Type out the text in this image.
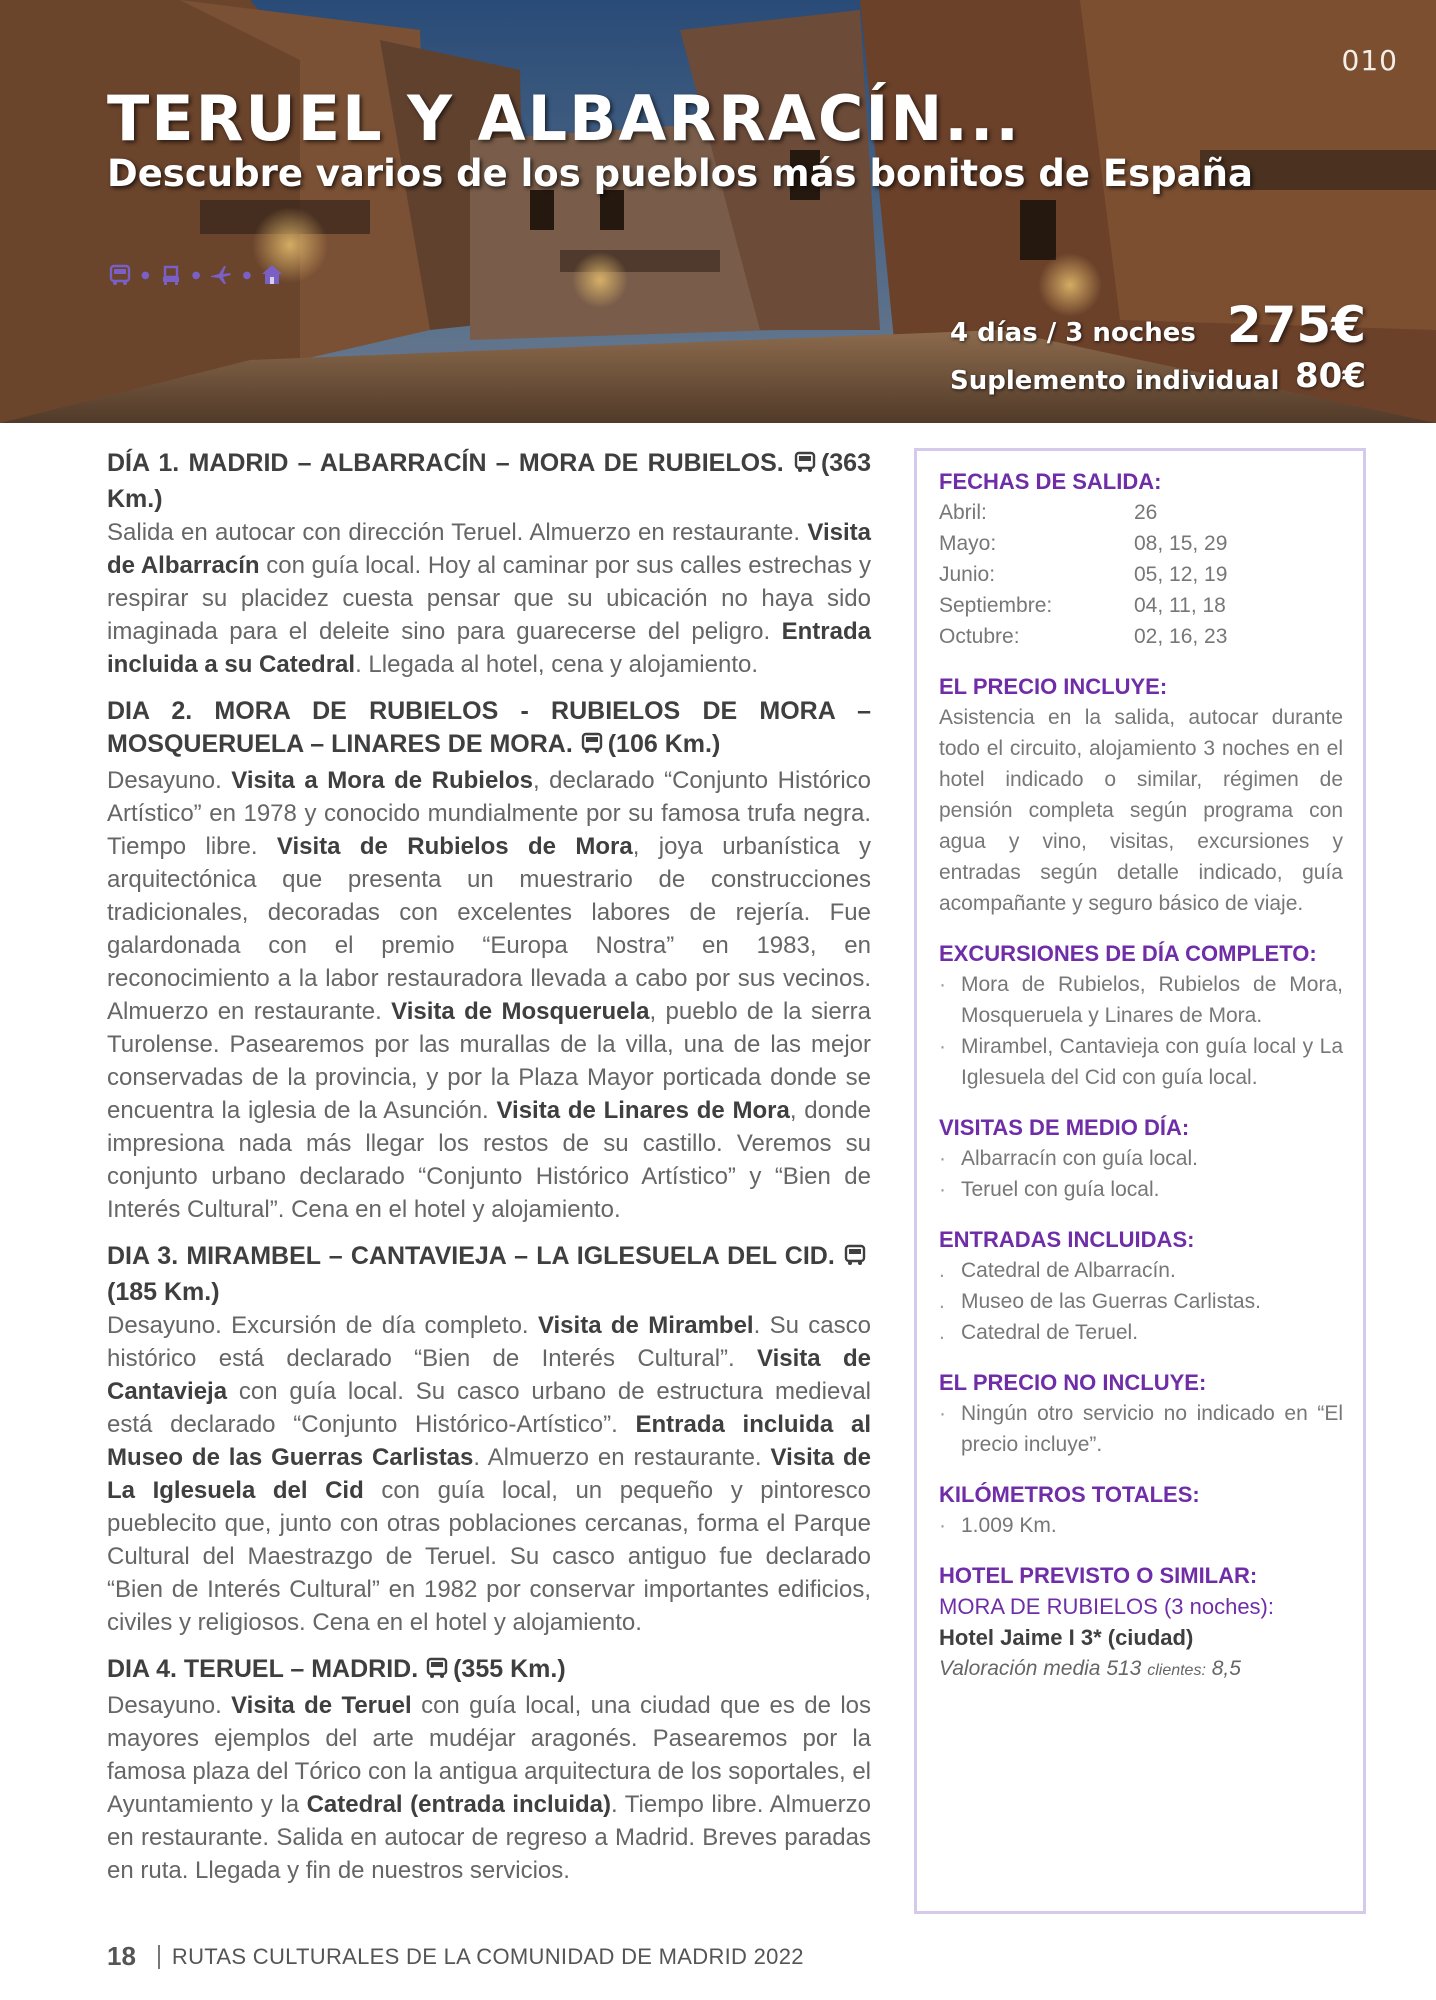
010
TERUEL Y ALBARRACÍN...
Descubre varios de los pueblos más bonitos de España
●	●	●
4 días / 3 noches 275€
Suplemento individual 80€
DÍA 1. MADRID – ALBARRACÍN – MORA DE RUBIELOS. (363 Km.)
Salida en autocar con dirección Teruel. Almuerzo en restaurante. Visita de Albarracín con guía local. Hoy al caminar por sus calles estrechas y respirar su placidez cuesta pensar que su ubicación no haya sido imaginada para el deleite sino para guarecerse del peligro. Entrada incluida a su Catedral. Llegada al hotel, cena y alojamiento.
DIA 2. MORA DE RUBIELOS - RUBIELOS DE MORA – MOSQUERUELA – LINARES DE MORA. (106 Km.)
Desayuno. Visita a Mora de Rubielos, declarado “Conjunto Histórico Artístico” en 1978 y conocido mundialmente por su famosa trufa negra. Tiempo libre. Visita de Rubielos de Mora, joya urbanística y arquitectónica que presenta un muestrario de construcciones tradicionales, decoradas con excelentes labores de rejería. Fue galardonada con el premio “Europa Nostra” en 1983, en reconocimiento a la labor restauradora llevada a cabo por sus vecinos. Almuerzo en restaurante. Visita de Mosqueruela, pueblo de la sierra Turolense. Pasearemos por las murallas de la villa, una de las mejor conservadas de la provincia, y por la Plaza Mayor porticada donde se encuentra la iglesia de la Asunción. Visita de Linares de Mora, donde impresiona nada más llegar los restos de su castillo. Veremos su conjunto urbano declarado “Conjunto Histórico Artístico” y “Bien de Interés Cultural”. Cena en el hotel y alojamiento.
DIA 3. MIRAMBEL – CANTAVIEJA – LA IGLESUELA DEL CID. (185 Km.)
Desayuno. Excursión de día completo. Visita de Mirambel. Su casco histórico está declarado “Bien de Interés Cultural”. Visita de Cantavieja con guía local. Su casco urbano de estructura medieval está declarado “Conjunto Histórico-Artístico”. Entrada incluida al Museo de las Guerras Carlistas. Almuerzo en restaurante. Visita de La Iglesuela del Cid con guía local, un pequeño y pintoresco pueblecito que, junto con otras poblaciones cercanas, forma el Parque Cultural del Maestrazgo de Teruel. Su casco antiguo fue declarado “Bien de Interés Cultural” en 1982 por conservar importantes edificios, civiles y religiosos. Cena en el hotel y alojamiento.
DIA 4. TERUEL – MADRID. (355 Km.)
Desayuno. Visita de Teruel con guía local, una ciudad que es de los mayores ejemplos del arte mudéjar aragonés. Pasearemos por la famosa plaza del Tórico con la antigua arquitectura de los soportales, el Ayuntamiento y la Catedral (entrada incluida). Tiempo libre. Almuerzo en restaurante. Salida en autocar de regreso a Madrid. Breves paradas en ruta. Llegada y fin de nuestros servicios.

FECHAS DE SALIDA:

Abril:	26
Mayo:	08, 15, 29
Junio:	05, 12, 19
Septiembre:	04, 11, 18
Octubre:	02, 16, 23

EL PRECIO INCLUYE:

Asistencia en la salida, autocar durante todo el circuito, alojamiento 3 noches en el hotel indicado o similar, régimen de pensión completa según programa con agua y vino, visitas, excursiones y entradas según detalle indicado, guía acompañante y seguro básico de viaje.

EXCURSIONES DE DÍA COMPLETO:

· Mora de Rubielos, Rubielos de Mora, Mosqueruela y Linares de Mora.
· Mirambel, Cantavieja con guía local y La Iglesuela del Cid con guía local.

VISITAS DE MEDIO DÍA:

· Albarracín con guía local.
· Teruel con guía local.

ENTRADAS INCLUIDAS:

. Catedral de Albarracín.
. Museo de las Guerras Carlistas.
. Catedral de Teruel.

EL PRECIO NO INCLUYE:

· Ningún otro servicio no indicado en “El precio incluye”.

KILÓMETROS TOTALES:

· 1.009 Km.

HOTEL PREVISTO O SIMILAR:

MORA DE RUBIELOS (3 noches):
Hotel Jaime I 3* (ciudad)
Valoración media 513 clientes: 8,5
18 RUTAS CULTURALES DE LA COMUNIDAD DE MADRID 2022
